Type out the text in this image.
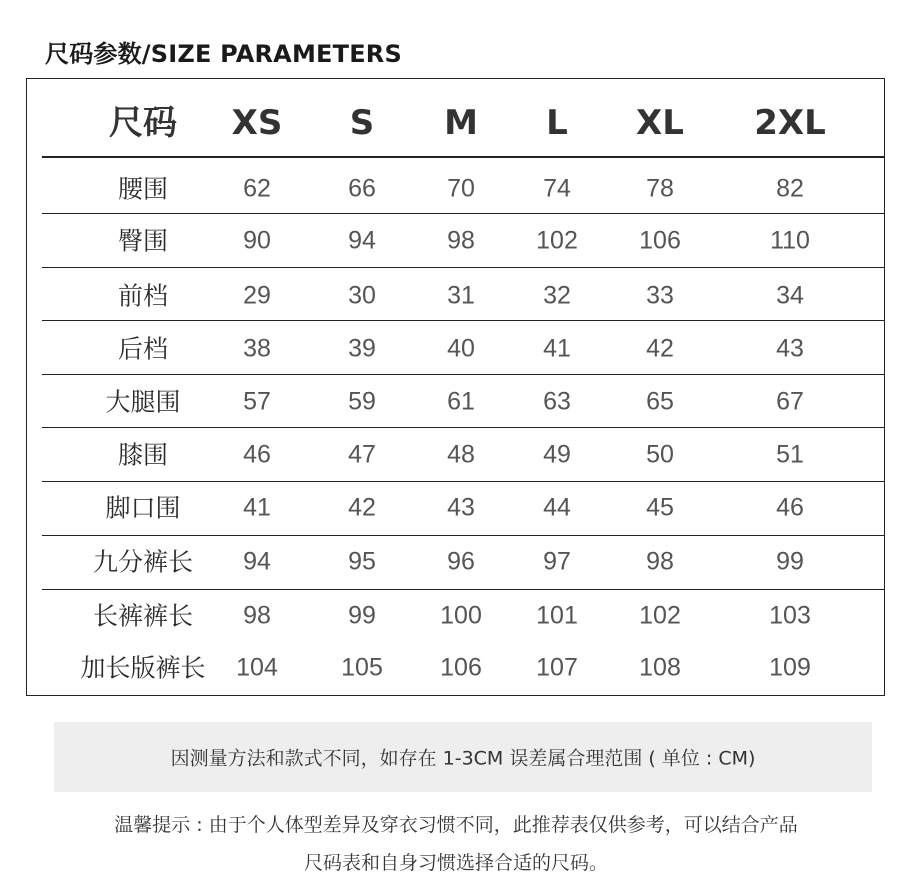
尺码参数/SIZE PARAMETERS
尺码 XS S M L XL 2XL
腰围	62	66	70	74	78	82
臀围	90	94	98 102 106	110
前档	29	30	31	32	33	34
后档	38	39	40	41	42	43
大腿围	57	59	61	63	65	67
膝围	46	47	48	49	50	51
脚口围	41	42	43	44	45	46
九分裤长 94	95	96	97	98	99
长裤裤长 98	99	100 101 102	103
加长版裤长 104	105 106 107 108	109
因测量方法和款式不同，如存在 1-3CM 误差属合理范围 ( 单位 : CM)
温馨提示 : 由于个人体型差异及穿衣习惯不同，此推荐表仅供参考，可以结合产品
尺码表和自身习惯选择合适的尺码。
